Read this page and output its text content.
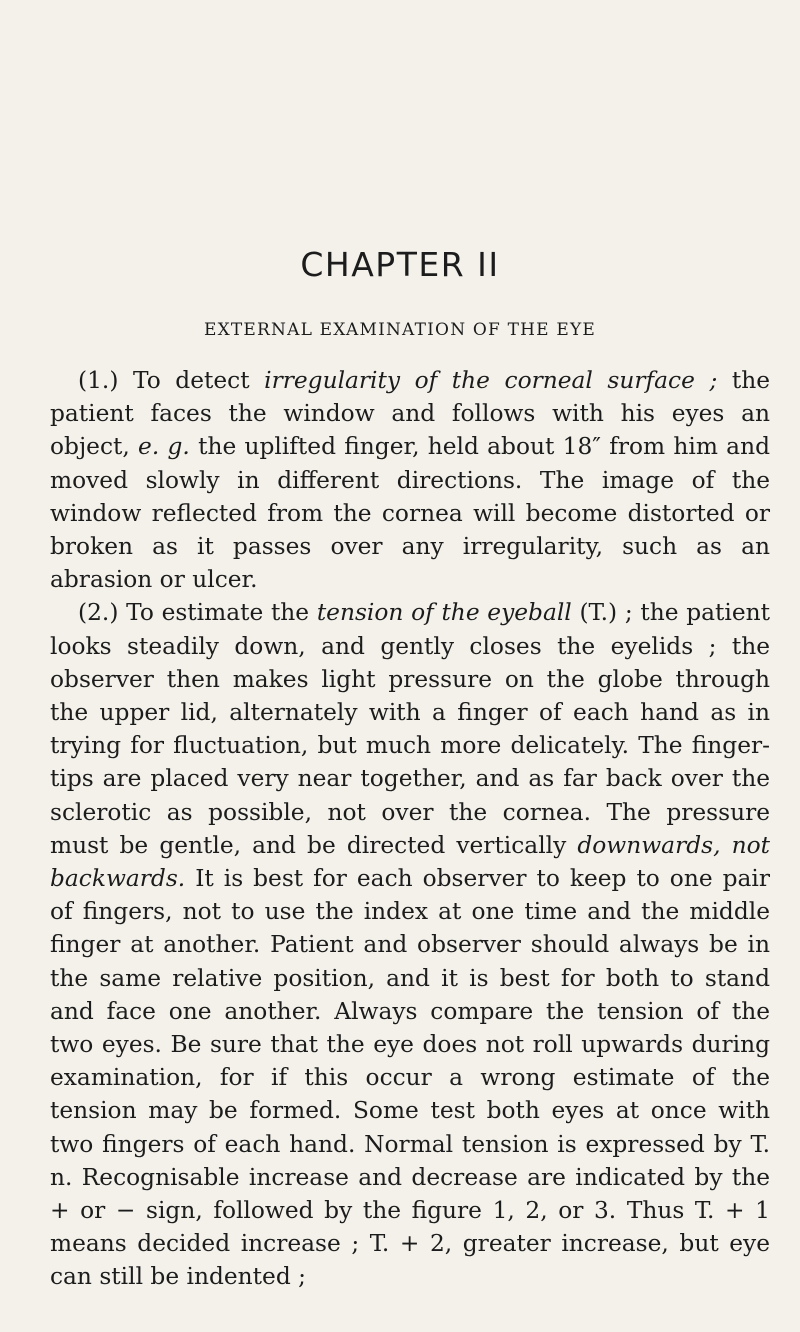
CHAPTER II
EXTERNAL EXAMINATION OF THE EYE

(1.) To detect irregularity of the corneal surface ; the patient faces the window and follows with his eyes an object, e. g. the uplifted finger, held about 18″ from him and moved slowly in different directions. The image of the window reflected from the cornea will become distorted or broken as it passes over any irregularity, such as an abrasion or ulcer.

(2.) To estimate the tension of the eyeball (T.) ; the patient looks steadily down, and gently closes the eyelids ; the observer then makes light pressure on the globe through the upper lid, alternately with a finger of each hand as in trying for fluctuation, but much more delicately. The finger-tips are placed very near together, and as far back over the sclerotic as possible, not over the cornea. The pressure must be gentle, and be directed vertically downwards, not backwards. It is best for each observer to keep to one pair of fingers, not to use the index at one time and the middle finger at another. Patient and observer should always be in the same relative position, and it is best for both to stand and face one another. Always compare the tension of the two eyes. Be sure that the eye does not roll upwards during examination, for if this occur a wrong estimate of the tension may be formed. Some test both eyes at once with two fingers of each hand. Normal tension is expressed by T. n. Recognisable increase and decrease are indicated by the + or − sign, followed by the figure 1, 2, or 3. Thus T. + 1 means decided increase ; T. + 2, greater increase, but eye can still be indented ;
